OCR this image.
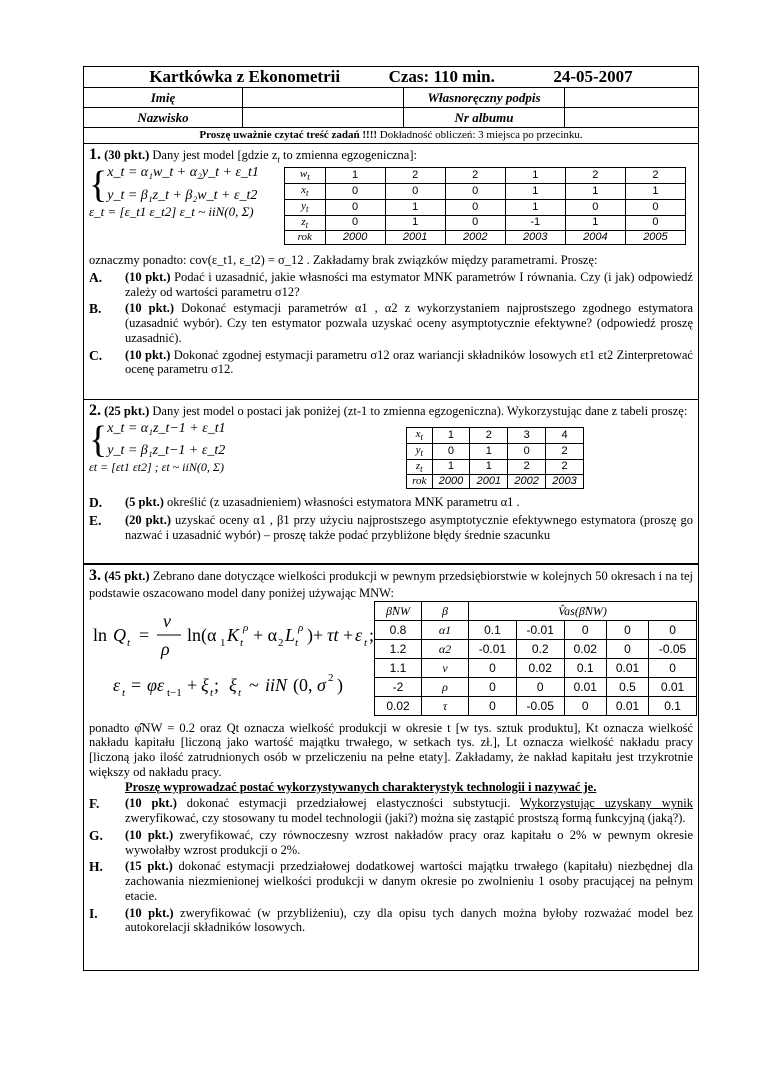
Kartkówka z Ekonometrii Czas: 110 min. 24-05-2007			
Imię		Własnoręczny podpis	
Nazwisko		Nr albumu	
Proszę uważnie czytać treść zadań !!!! Dokładność obliczeń: 3 miejsca po przecinku.
1. (30 pkt.) Dany jest model [gdzie $z_t$ to zmienna egzogeniczna]:
{ x_t = α₁w_t + α₂y_t + ε_t1
y_t = β₁z_t + β₂w_t + ε_t2
ε_t = [ε_t1 ε_t2] ε_t ~ iiN(0, Σ)
$w_t$	1	2	2	1	2	2
$x_t$	0	0	0	1	1	1
$y_t$	0	1	0	1	0	0
$z_t$	0	1	0	-1	1	0
rok	2000	2001	2002	2003	2004	2005
oznaczmy ponadto: cov(ε_t1, ε_t2) = σ_12 . Zakładamy brak związków między parametrami. Proszę:
A.	(10 pkt.) Podać i uzasadnić, jakie własności ma estymator MNK parametrów I równania. Czy (i jak) odpowiedź zależy od wartości parametru σ12?
B.	(10 pkt.) Dokonać estymacji parametrów α1 , α2 z wykorzystaniem najprostszego zgodnego estymatora (uzasadnić wybór). Czy ten estymator pozwala uzyskać oceny asymptotycznie efektywne? (odpowiedź proszę uzasadnić).
C.	(10 pkt.) Dokonać zgodnej estymacji parametru σ12 oraz wariancji składników losowych εt1 εt2 Zinterpretować ocenę parametru σ12.
2. (25 pkt.) Dany jest model o postaci jak poniżej (zt-1 to zmienna egzogeniczna). Wykorzystując dane z tabeli proszę:
{ x_t = α₁z_t−1 + ε_t1
y_t = β₁z_t−1 + ε_t2
εt = [εt1 εt2] ; εt ~ iiN(0, Σ)
$x_t$	1	2	3	4
$y_t$	0	1	0	2
$z_t$	1	1	2	2
rok	2000	2001	2002	2003
D.	(5 pkt.) określić (z uzasadnieniem) własności estymatora MNK parametru α1 .
E.	(20 pkt.) uzyskać oceny α1 , β1 przy użyciu najprostszego asymptotycznie efektywnego estymatora (proszę go nazwać i uzasadnić wybór) – proszę także podać przybliżone błędy średnie szacunku
3. (45 pkt.) Zebrano dane dotyczące wielkości produkcji w pewnym przedsiębiorstwie w kolejnych 50 okresach i na tej podstawie oszacowano model dany poniżej używając MNW:
ln Q t =
ν
ρ
ln(α 1 K t
ρ + α 2 L t
ρ )+ τt + ε t ;
ε t = φε t−1 + ξ t ; ξ t ~ iiN (0, σ 2 )
β̂NW	β	V̂as(β̂NW)				
0.8	α1	0.1	-0.01	0	0	0
1.2	α2	-0.01	0.2	0.02	0	-0.05
1.1	ν	0	0.02	0.1	0.01	0
-2	ρ	0	0	0.01	0.5	0.01
0.02	τ	0	-0.05	0	0.01	0.1
ponadto φ̂NW = 0.2 oraz Qt oznacza wielkość produkcji w okresie t [w tys. sztuk produktu], Kt oznacza wielkość nakładu kapitału [liczoną jako wartość majątku trwałego, w setkach tys. zł.], Lt oznacza wielkość nakładu pracy [liczoną jako ilość zatrudnionych osób w przeliczeniu na pełne etaty]. Zakładamy, że nakład kapitału jest trzykrotnie większy od nakładu pracy.
Proszę wyprowadzać postać wykorzystywanych charakterystyk technologii i nazywać je.
F.	(10 pkt.) dokonać estymacji przedziałowej elastyczności substytucji. Wykorzystując uzyskany wynik zweryfikować, czy stosowany tu model technologii (jaki?) można się zastąpić prostszą formą funkcyjną (jaką?).
G.	(10 pkt.) zweryfikować, czy równoczesny wzrost nakładów pracy oraz kapitału o 2% w pewnym okresie wywołałby wzrost produkcji o 2%.
H.	(15 pkt.) dokonać estymacji przedziałowej dodatkowej wartości majątku trwałego (kapitału) niezbędnej dla zachowania niezmienionej wielkości produkcji w danym okresie po zwolnieniu 1 osoby pracującej na pełnym etacie.
I.	(10 pkt.) zweryfikować (w przybliżeniu), czy dla opisu tych danych można byłoby rozważać model bez autokorelacji składników losowych.
